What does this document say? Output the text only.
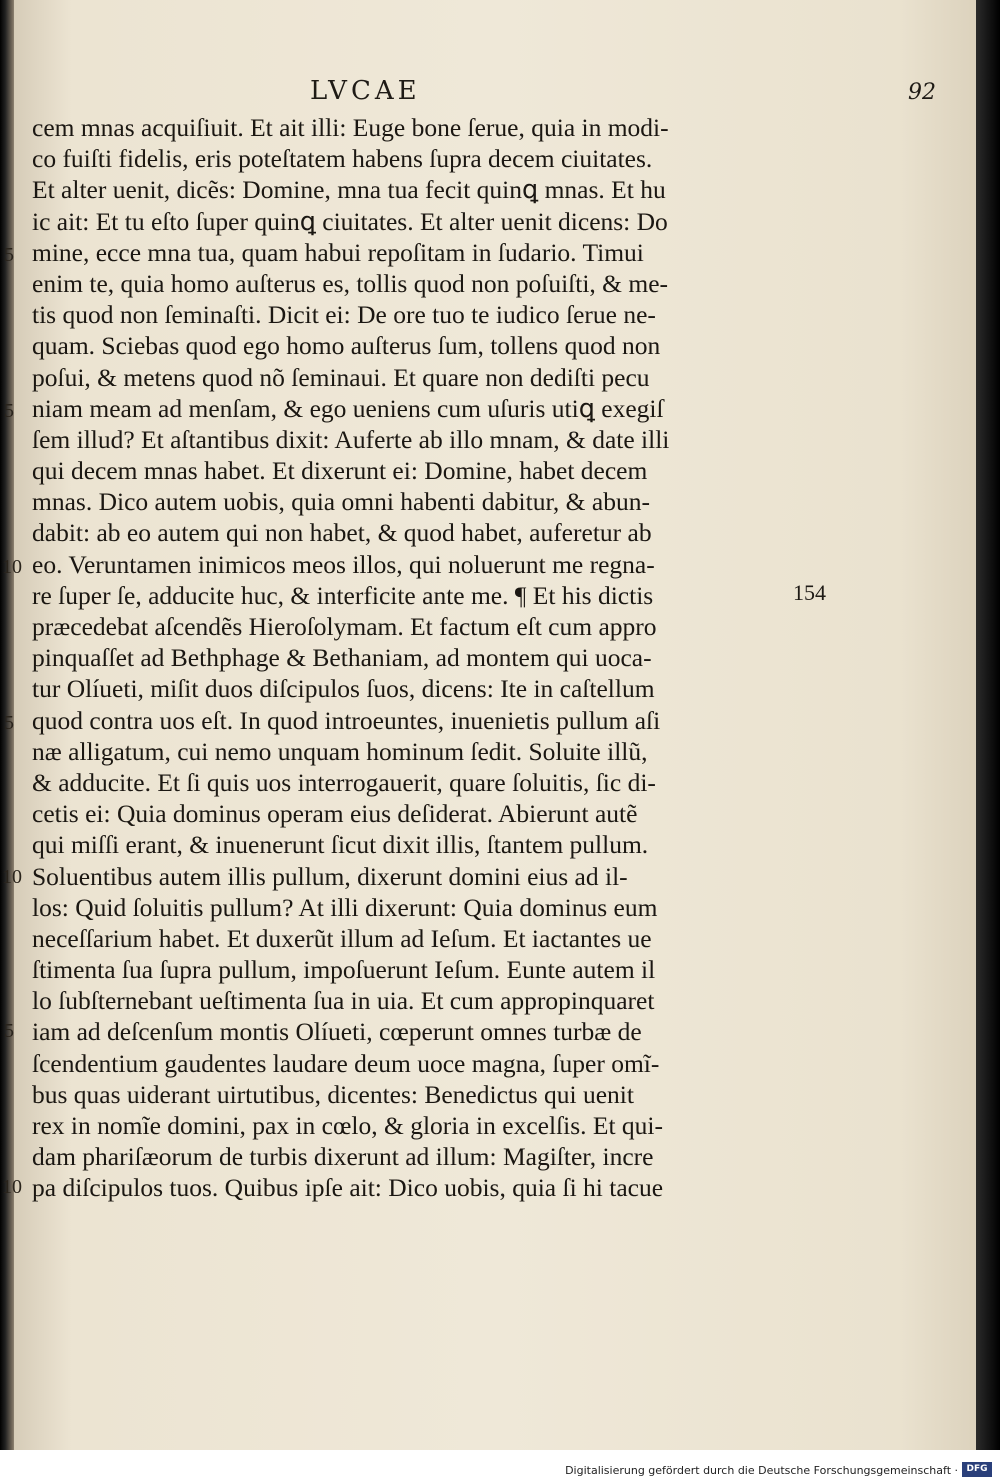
LVCAE	92
cem mnas acquiſiuit. Et ait illi: Euge bone ſerue, quia in modi-
co fuiſti fidelis, eris poteſtatem habens ſupra decem ciuitates.
Et alter uenit, dicẽs: Domine, mna tua fecit quinꝗ mnas. Et hu
ic ait: Et tu eſto ſuper quinꝗ ciuitates. Et alter uenit dicens: Do
mine, ecce mna tua, quam habui repoſitam in ſudario. Timui
enim te, quia homo auſterus es, tollis quod non poſuiſti, & me-
tis quod non ſeminaſti. Dicit ei: De ore tuo te iudico ſerue ne-
quam. Sciebas quod ego homo auſterus ſum, tollens quod non
poſui, & metens quod nõ ſeminaui. Et quare non dediſti pecu
niam meam ad menſam, & ego ueniens cum uſuris utiꝗ exegiſ
ſem illud? Et aſtantibus dixit: Auferte ab illo mnam, & date illi
qui decem mnas habet. Et dixerunt ei: Domine, habet decem
mnas. Dico autem uobis, quia omni habenti dabitur, & abun-
dabit: ab eo autem qui non habet, & quod habet, auferetur ab
eo. Veruntamen inimicos meos illos, qui noluerunt me regna-
re ſuper ſe, adducite huc, & interficite ante me. ¶ Et his dictis
præcedebat aſcendẽs Hieroſolymam. Et factum eſt cum appro
pinquaſſet ad Bethphage & Bethaniam, ad montem qui uoca-
tur Olíueti, miſit duos diſcipulos ſuos, dicens: Ite in caſtellum
quod contra uos eſt. In quod introeuntes, inuenietis pullum aſi
næ alligatum, cui nemo unquam hominum ſedit. Soluite illũ,
& adducite. Et ſi quis uos interrogauerit, quare ſoluitis, ſic di-
cetis ei: Quia dominus operam eius deſiderat. Abierunt autẽ
qui miſſi erant, & inuenerunt ſicut dixit illis, ſtantem pullum.
Soluentibus autem illis pullum, dixerunt domini eius ad il-
los: Quid ſoluitis pullum? At illi dixerunt: Quia dominus eum
neceſſarium habet. Et duxerũt illum ad Ieſum. Et iactantes ue
ſtimenta ſua ſupra pullum, impoſuerunt Ieſum. Eunte autem il
lo ſubſternebant ueſtimenta ſua in uia. Et cum appropinquaret
iam ad deſcenſum montis Olíueti, cœperunt omnes turbæ de
ſcendentium gaudentes laudare deum uoce magna, ſuper omĩ-
bus quas uiderant uirtutibus, dicentes: Benedictus qui uenit
rex in nomĩe domini, pax in cœlo, & gloria in excelſis. Et qui-
dam phariſæorum de turbis dixerunt ad illum: Magiſter, incre
pa diſcipulos tuos. Quibus ipſe ait: Dico uobis, quia ſi hi tacue
5
5
10
5
10
5
10
154
Digitalisierung gefördert durch die Deutsche Forschungsgemeinschaft · DFG
